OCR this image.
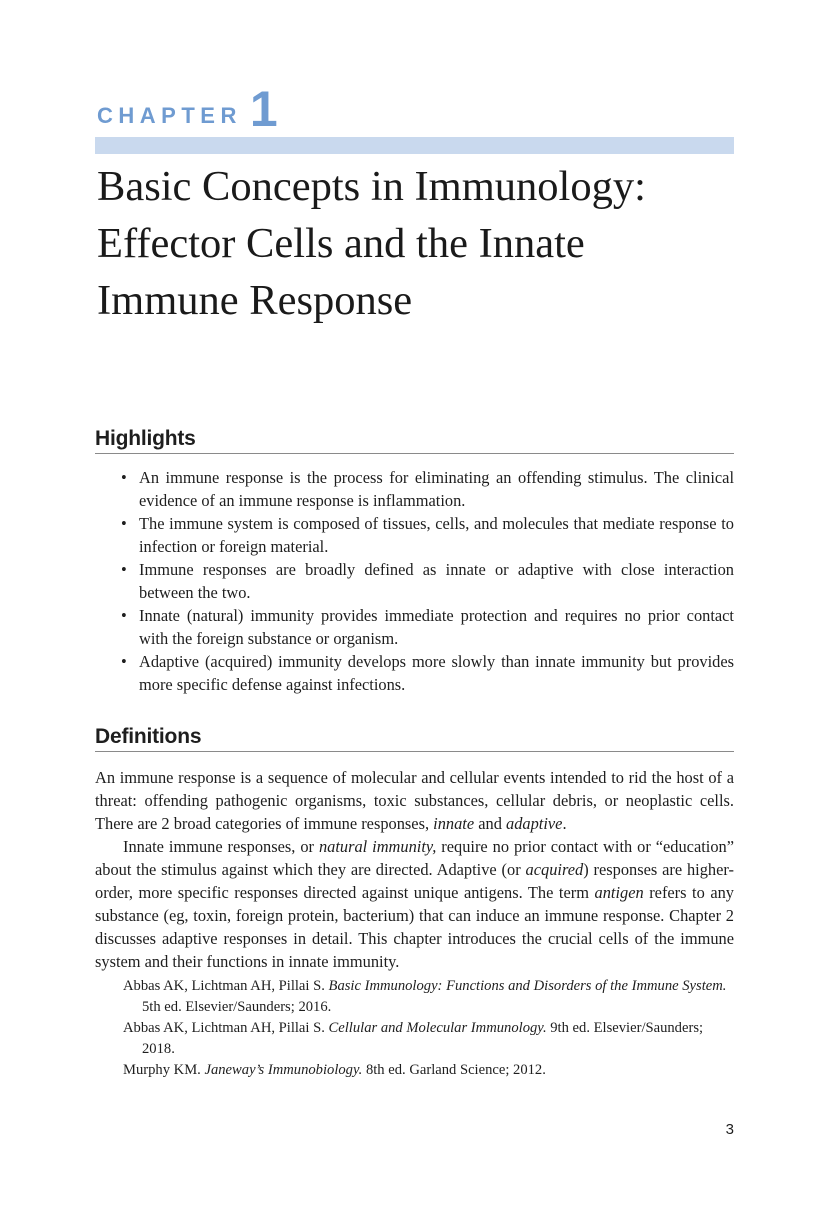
CHAPTER 1
Basic Concepts in Immunology:
Effector Cells and the Innate
Immune Response
Highlights
• An immune response is the process for eliminating an offending stimulus. The clinical evidence of an immune response is inflammation.
• The immune system is composed of tissues, cells, and molecules that mediate response to infection or foreign material.
• Immune responses are broadly defined as innate or adaptive with close interaction between the two.
• Innate (natural) immunity provides immediate protection and requires no prior contact with the foreign substance or organism.
• Adaptive (acquired) immunity develops more slowly than innate immunity but provides more specific defense against infections.
Definitions

An immune response is a sequence of molecular and cellular events intended to rid the host of a threat: offending pathogenic organisms, toxic substances, cellular debris, or neoplastic cells. There are 2 broad categories of immune responses, innate and adaptive.

Innate immune responses, or natural immunity, require no prior contact with or “education” about the stimulus against which they are directed. Adaptive (or acquired) responses are higher-order, more specific responses directed against unique antigens. The term antigen refers to any substance (eg, toxin, foreign protein, bacterium) that can induce an immune response. Chapter 2 discusses adaptive responses in detail. This chapter introduces the crucial cells of the immune system and their functions in innate immunity.

Abbas AK, Lichtman AH, Pillai S. Basic Immunology: Functions and Disorders of the Immune System. 5th ed. Elsevier/Saunders; 2016.
Abbas AK, Lichtman AH, Pillai S. Cellular and Molecular Immunology. 9th ed. Elsevier/Saunders; 2018.
Murphy KM. Janeway’s Immunobiology. 8th ed. Garland Science; 2012.

3
